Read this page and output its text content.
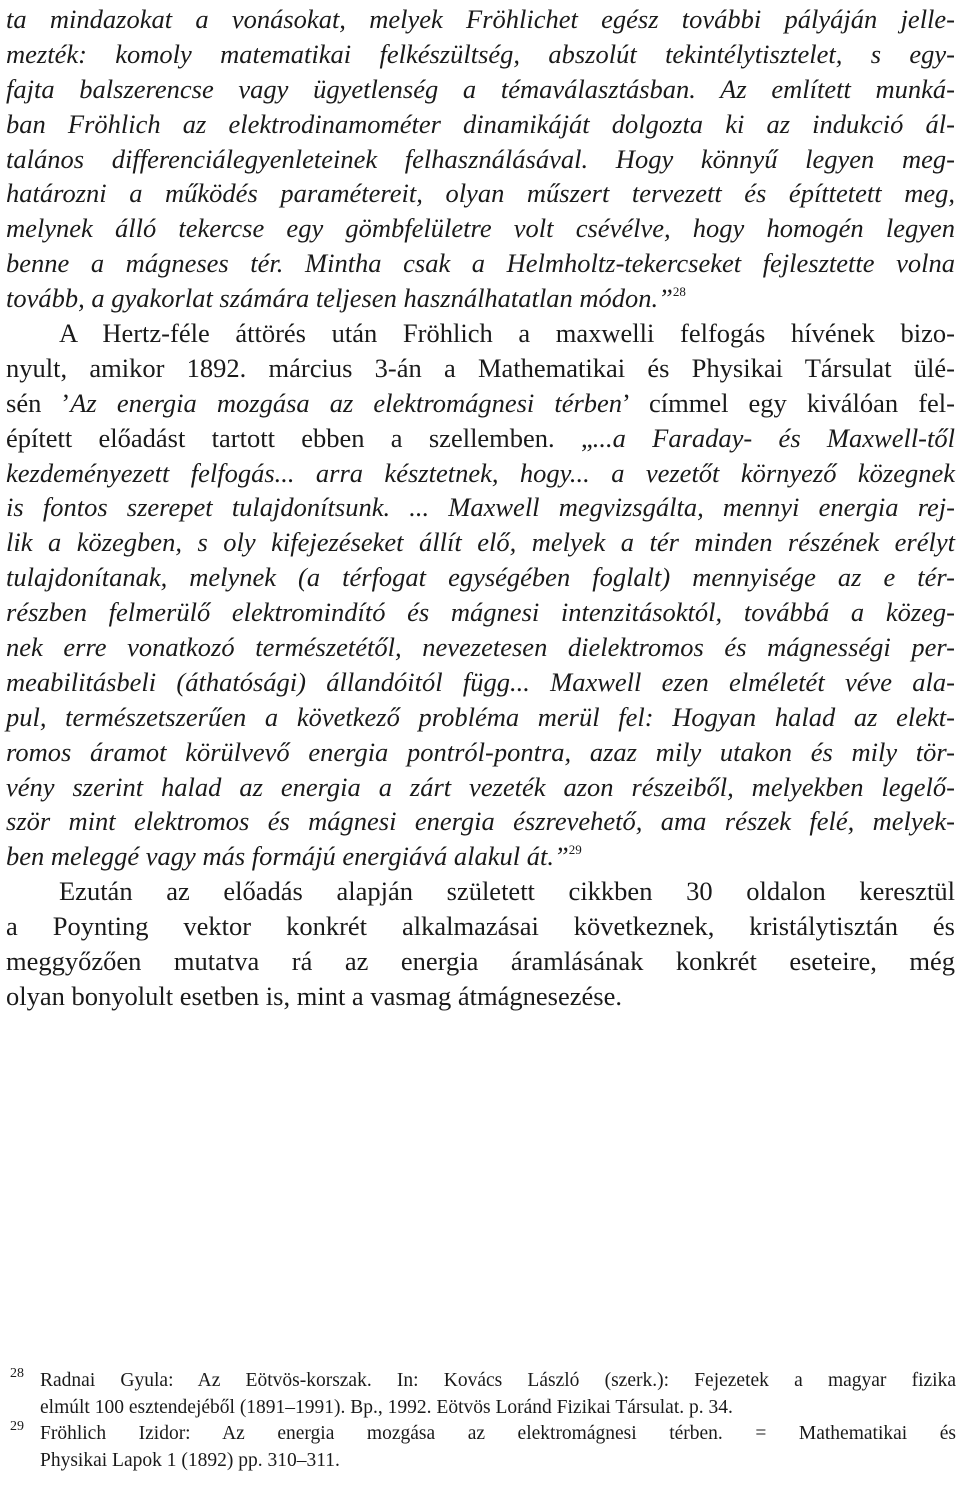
ta mindazokat a vonásokat, melyek Fröhlichet egész további pályáján jelle-
mezték: komoly matematikai felkészültség, abszolút tekintélytisztelet, s egy-
fajta balszerencse vagy ügyetlenség a témaválasztásban. Az említett munká-
ban Fröhlich az elektrodinamométer dinamikáját dolgozta ki az indukció ál-
talános differenciálegyenleteinek felhasználásával. Hogy könnyű legyen meg-
határozni a működés paramétereit, olyan műszert tervezett és építtetett meg,
melynek álló tekercse egy gömbfelületre volt csévélve, hogy homogén legyen
benne a mágneses tér. Mintha csak a Helmholtz-tekercseket fejlesztette volna
tovább, a gyakorlat számára teljesen használhatatlan módon.”$^{28}$
A Hertz-féle áttörés után Fröhlich a maxwelli felfogás hívének bizo-
nyult, amikor 1892. március 3-án a Mathematikai és Physikai Társulat ülé-
sén ’Az energia mozgása az elektromágnesi térben’ címmel egy kiválóan fel-
épített előadást tartott ebben a szellemben. „...a Faraday- és Maxwell-től
kezdeményezett felfogás... arra késztetnek, hogy... a vezetőt környező közegnek
is fontos szerepet tulajdonítsunk. ... Maxwell megvizsgálta, mennyi energia rej-
lik a közegben, s oly kifejezéseket állít elő, melyek a tér minden részének erélyt
tulajdonítanak, melynek (a térfogat egységében foglalt) mennyisége az e tér-
részben felmerülő elektromindító és mágnesi intenzitásoktól, továbbá a közeg-
nek erre vonatkozó természetétől, nevezetesen dielektromos és mágnességi per-
meabilitásbeli (áthatósági) állandóitól függ... Maxwell ezen elméletét véve ala-
pul, természetszerűen a következő probléma merül fel: Hogyan halad az elekt-
romos áramot körülvevő energia pontról-pontra, azaz mily utakon és mily tör-
vény szerint halad az energia a zárt vezeték azon részeiből, melyekben legelő-
ször mint elektromos és mágnesi energia észrevehető, ama részek felé, melyek-
ben meleggé vagy más formájú energiává alakul át.”$^{29}$
Ezután az előadás alapján született cikkben 30 oldalon keresztül
a Poynting vektor konkrét alkalmazásai következnek, kristálytisztán és
meggyőzően mutatva rá az energia áramlásának konkrét eseteire, még
olyan bonyolult esetben is, mint a vasmag átmágnesezése.
28 Radnai Gyula: Az Eötvös-korszak. In: Kovács László (szerk.): Fejezetek a magyar fizika
elmúlt 100 esztendejéből (1891–1991). Bp., 1992. Eötvös Loránd Fizikai Társulat. p. 34.
29 Fröhlich Izidor: Az energia mozgása az elektromágnesi térben. = Mathematikai és
Physikai Lapok 1 (1892) pp. 310–311.
